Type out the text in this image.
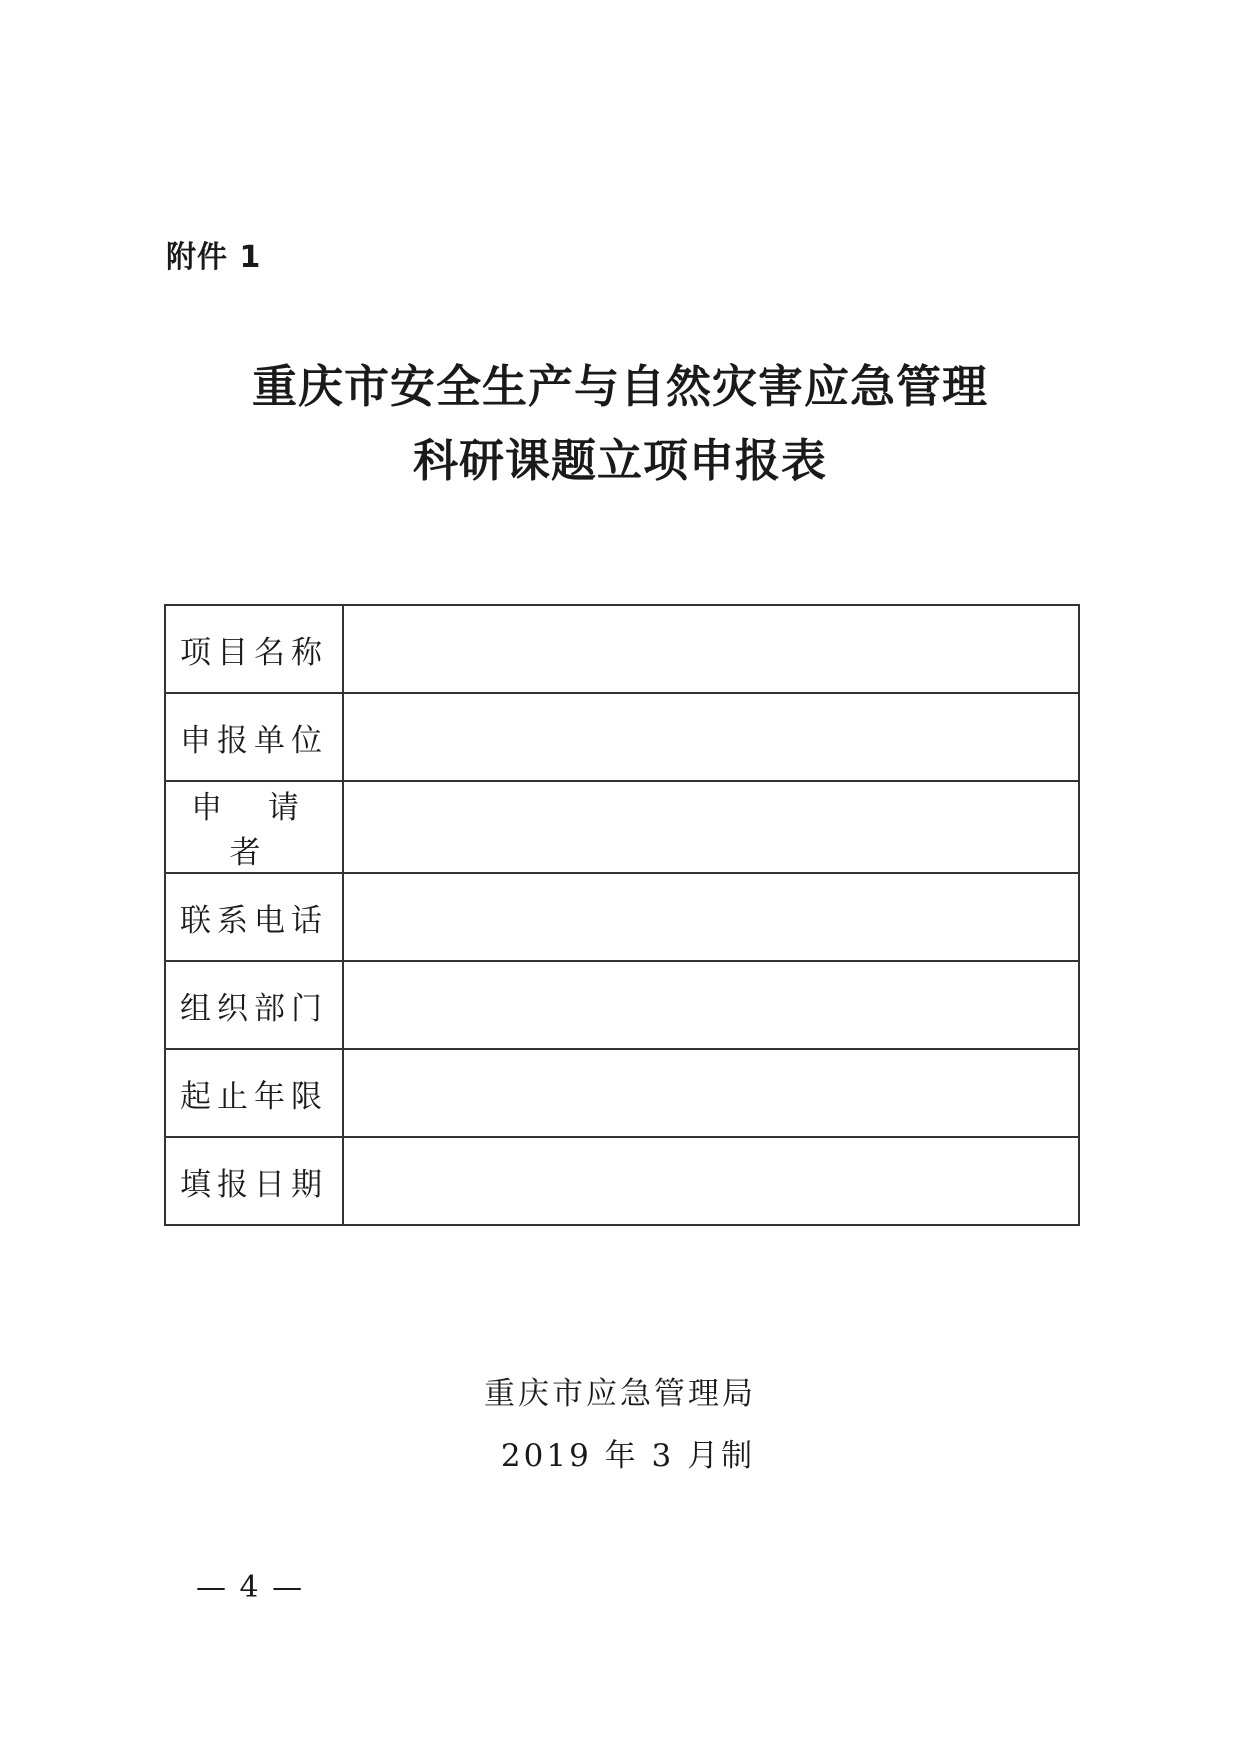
附件 1
重庆市安全生产与自然灾害应急管理
科研课题立项申报表
项目名称	
申报单位	
申 请 者	
联系电话	
组织部门	
起止年限	
填报日期	
重庆市应急管理局
2019 年 3 月制
— 4 —
